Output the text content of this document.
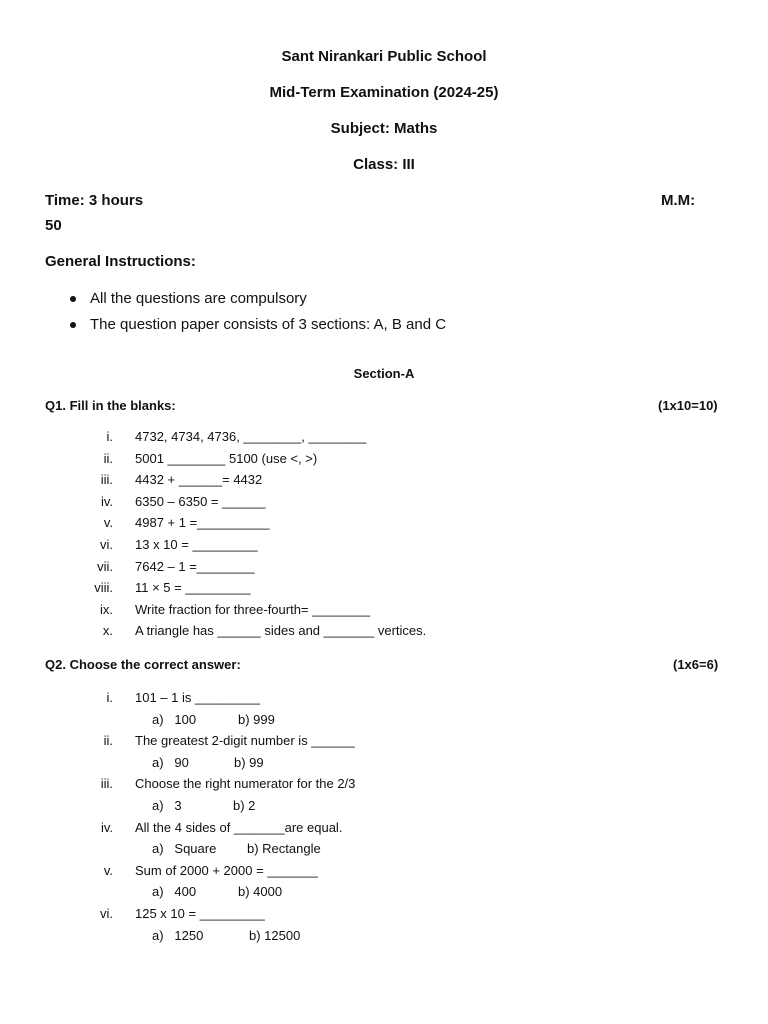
Sant Nirankari Public School
Mid-Term Examination (2024-25)
Subject: Maths
Class: III
Time: 3 hours	M.M:
50
General Instructions:
All the questions are compulsory
The question paper consists of 3 sections: A, B and C
Section-A
Q1. Fill in the blanks:	(1x10=10)
i. 4732, 4734, 4736, ________, ________
ii. 5001 ________ 5100 (use <, >)
iii. 4432 + ______= 4432
iv. 6350 – 6350 = ______
v. 4987 + 1 =__________
vi. 13 x 10 = _________
vii. 7642 – 1 =________
viii. 11 × 5 = _________
ix. Write fraction for three-fourth= ________
x. A triangle has ______ sides and _______ vertices.
Q2. Choose the correct answer:	(1x6=6)
i. 101 – 1 is _________
a)   100	b) 999
ii. The greatest 2-digit number is ______
a)   90	b) 99
iii. Choose the right numerator for the 2/3
a)   3	b) 2
iv. All the 4 sides of _______are equal.
a)   Square b) Rectangle
v. Sum of 2000 + 2000 = _______
a)   400	b) 4000
vi. 125 x 10 = _________
a)   1250	b) 12500
